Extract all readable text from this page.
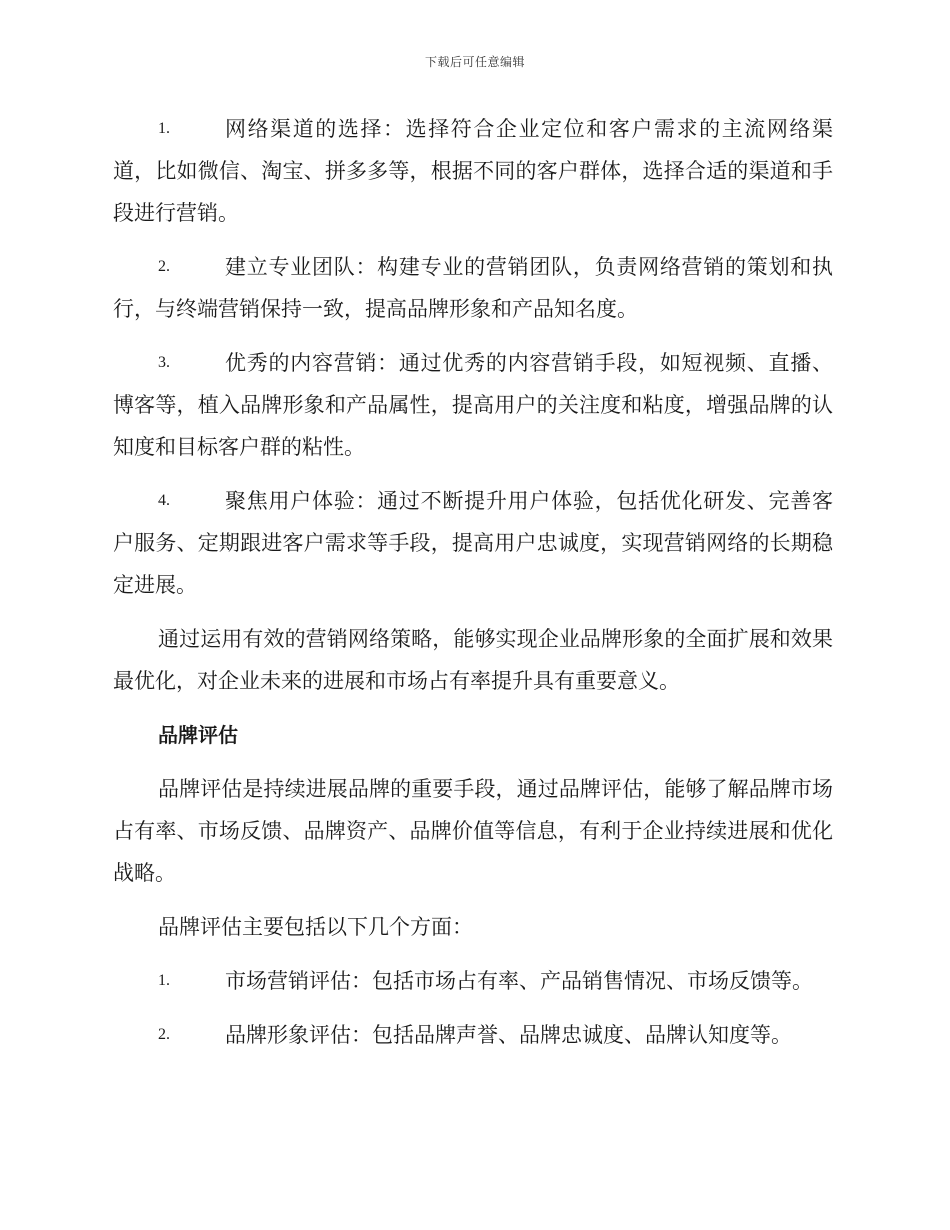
下载后可任意编辑
1.	网络渠道的选择：选择符合企业定位和客户需求的主流网络渠道，比如微信、淘宝、拼多多等，根据不同的客户群体，选择合适的渠道和手段进行营销。
2.	建立专业团队：构建专业的营销团队，负责网络营销的策划和执行，与终端营销保持一致，提高品牌形象和产品知名度。
3.	优秀的内容营销：通过优秀的内容营销手段，如短视频、直播、博客等，植入品牌形象和产品属性，提高用户的关注度和粘度，增强品牌的认知度和目标客户群的粘性。
4.	聚焦用户体验：通过不断提升用户体验，包括优化研发、完善客户服务、定期跟进客户需求等手段，提高用户忠诚度，实现营销网络的长期稳定进展。

通过运用有效的营销网络策略，能够实现企业品牌形象的全面扩展和效果最优化，对企业未来的进展和市场占有率提升具有重要意义。

品牌评估

品牌评估是持续进展品牌的重要手段，通过品牌评估，能够了解品牌市场占有率、市场反馈、品牌资产、品牌价值等信息，有利于企业持续进展和优化战略。

品牌评估主要包括以下几个方面：

1.	市场营销评估：包括市场占有率、产品销售情况、市场反馈等。
2.	品牌形象评估：包括品牌声誉、品牌忠诚度、品牌认知度等。
